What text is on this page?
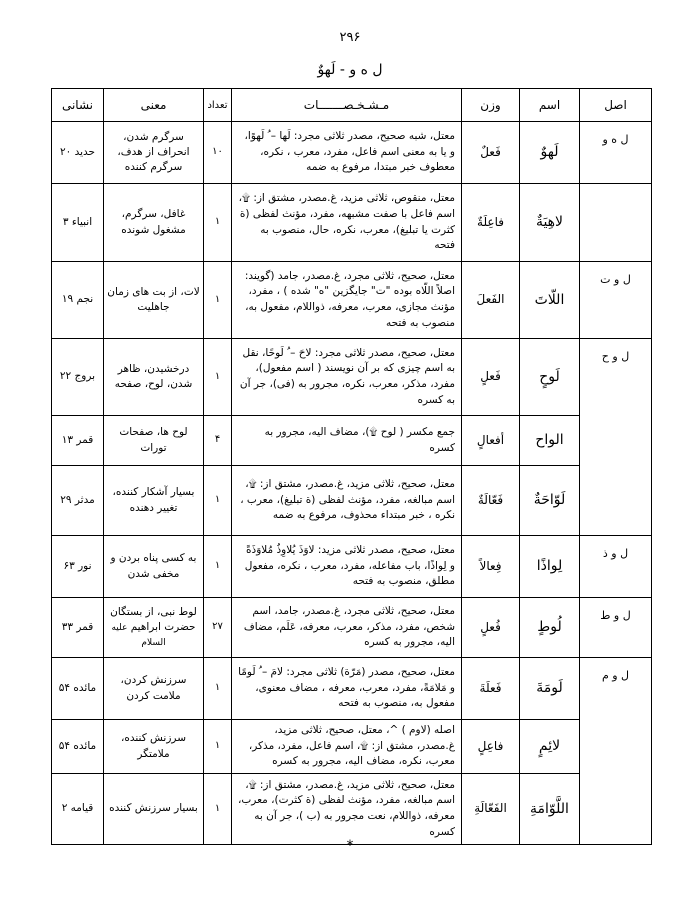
۲۹۶
ل ه و - لَهوٌ
اصل	اسم	وزن	مـشـخـصـــــــات	تعداد	معنی	نشانی
ل ه و	لَهوٌ	فَعلٌ	معتل، شبه صحیح، مصدر ثلاثی مجرد: لَها – ُ لَهوًا، و یا به معنی اسم فاعل، مفرد، معرب ، نکره، معطوف خبر مبتدا، مرفوع به ضمه	۱۰	سرگرم شدن، انحراف از هدف، سرگرم کننده	حدید ۲۰
	لاهِیَةٌ	فاعِلَةٌ	معتل، منقوص، ثلاثی مزید، غ.مصدر، مشتق از: ۩، اسم فاعل با صفت مشبهه، مفرد، مؤنث لفظی (ة کثرت یا تبلیغ)، معرب، نکره، حال، منصوب به فتحه	۱	غافل، سرگرم، مشغول شونده	انبیاء ۳
ل و ت	اللّاتَ	الفَعلَ	معتل، صحیح، ثلاثی مجرد، غ.مصدر، جامد (گویند: اصلاً اللّاه بوده "ت" جایگزین "ه" شده ) ، مفرد، مؤنث مجازی، معرب، معرفه، ذواللام، مفعول به، منصوب به فتحه	۱	لات، از بت های زمان جاهلیت	نجم ۱۹
ل و ح	لَوحٍ	فَعلٍ	معتل، صحیح، مصدر ثلاثی مجرد: لاحَ – ُ لَوحًا، نقل به اسم چیزی که بر آن نویسند ( اسم مفعول)، مفرد، مذکر، معرب، نکره، مجرور به (فی)، جر آن به کسره	۱	درخشیدن، ظاهر شدن، لوح، صفحه	بروج ۲۲
	الواح	أفعالٍ	جمع مکسر ( لوح ۩)، مضاف الیه، مجرور به کسره	۴	لوح ها، صفحات تورات	قمر ۱۳
	لَوّاحَةٌ	فَعّالَةٌ	معتل، صحیح، ثلاثی مزید، غ.مصدر، مشتق از: ۩، اسم مبالغه، مفرد، مؤنث لفظی (ة تبلیغ)، معرب ، نکره ، خبر مبتداء محذوف، مرفوع به ضمه	۱	بسیار آشکار کننده، تغییر دهنده	مدثر ۲۹
ل و ذ	لِواذًا	فِعالاً	معتل، صحیح، مصدر ثلاثی مزید: لاوَذَ یُلاوِذُ مُلاوَذَةً و لِواذًا، باب مفاعله، مفرد، معرب ، نکره، مفعول مطلق، منصوب به فتحه	۱	به کسی پناه بردن و مخفی شدن	نور ۶۳
ل و ط	لُوطٍ	فُعلٍ	معتل، صحیح، ثلاثی مجرد، غ.مصدر، جامد، اسم شخص، مفرد، مذکر، معرب، معرفه، عَلَم، مضاف الیه، مجرور به کسره	۲۷	لوط نبی، از بستگان حضرت ابراهیم علیه السلام	قمر ۳۳
ل و م	لَومَةَ	فَعلَةَ	معتل، صحیح، مصدر (مَرّة) ثلاثی مجرد: لامَ – ُ لَومًا و مَلامَةً، مفرد، معرب، معرفه ، مضاف معنوی، مفعول به، منصوب به فتحه	۱	سرزنش کردن، ملامت کردن	مائده ۵۴
	لائِمٍ	فاعِلٍ	اصله (لاوم ) ^، معتل، صحیح، ثلاثی مزید، غ.مصدر، مشتق از: ۩، اسم فاعل، مفرد، مذکر، معرب، نکره، مضاف الیه، مجرور به کسره	۱	سرزنش کننده، ملامتگر	مائده ۵۴
	اللَّوّامَةِ	الفَعّالَةِ	معتل، صحیح، ثلاثی مزید، غ.مصدر، مشتق از: ۩، اسم مبالغه، مفرد، مؤنث لفظی (ة کثرت)، معرب، معرفه، ذواللام، نعت مجرور به (ب )، جر آن به کسره	۱	بسیار سرزنش کننده	قیامه ۲
*
